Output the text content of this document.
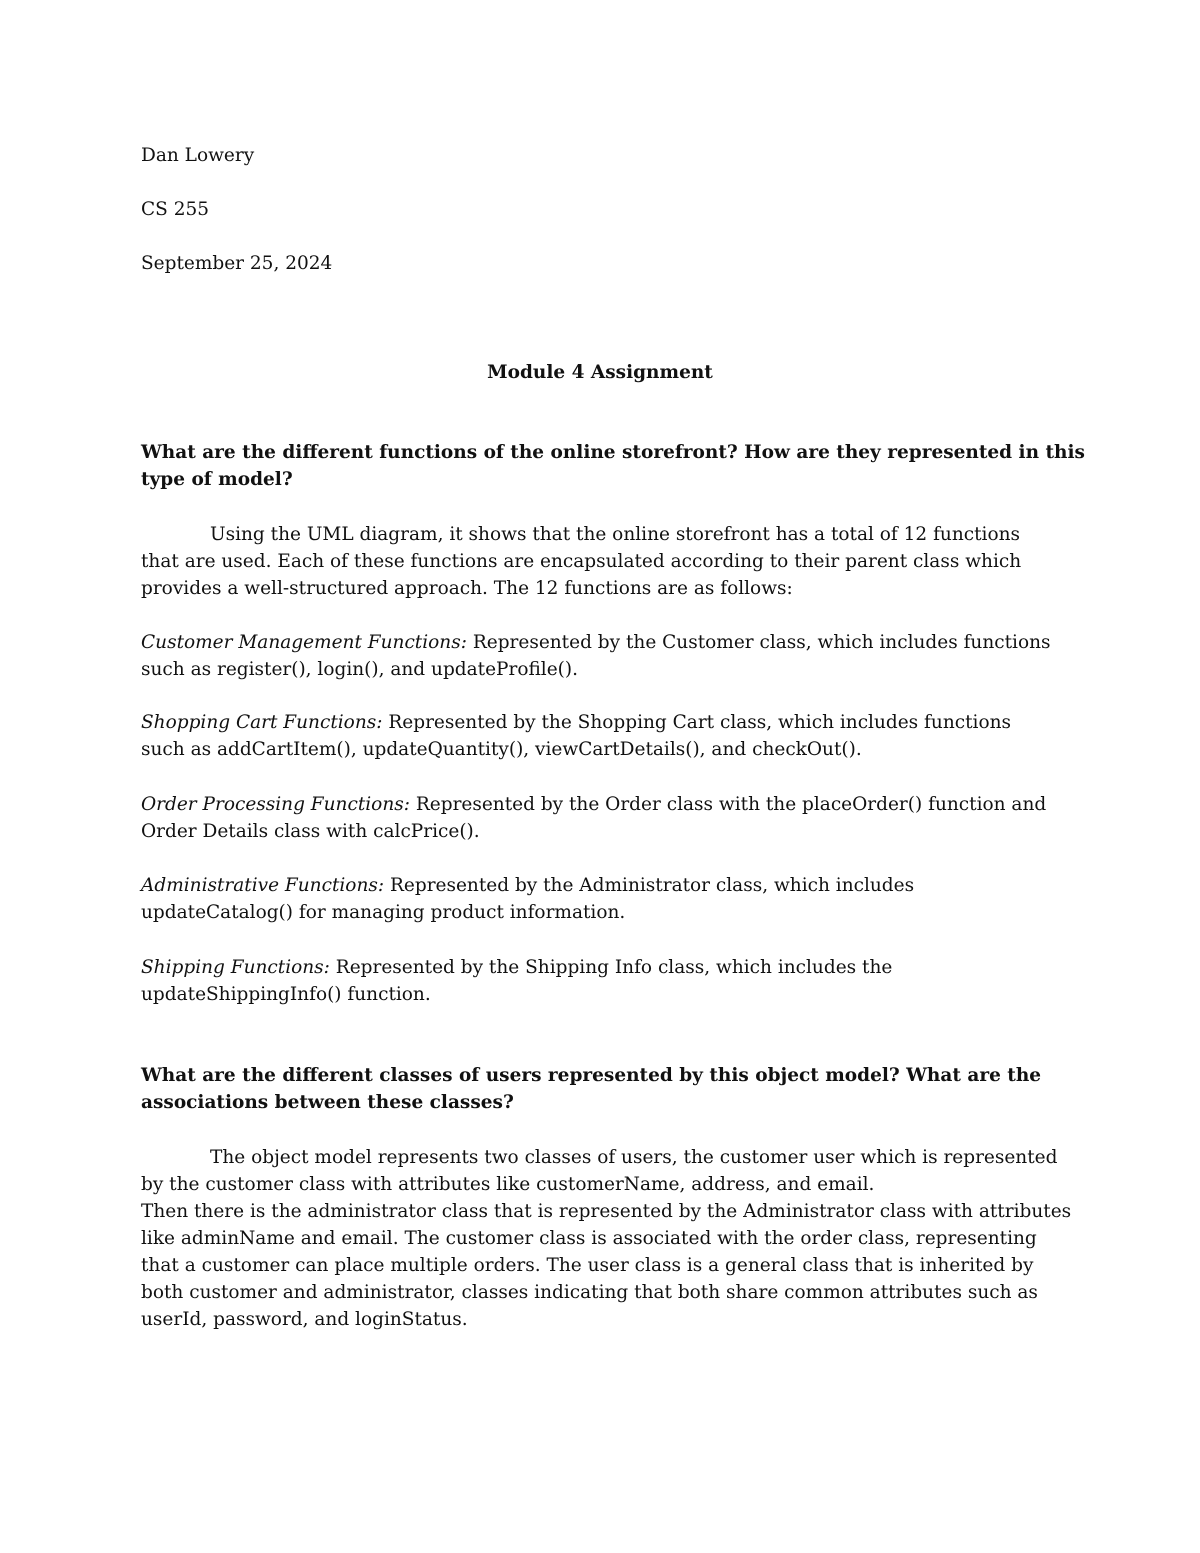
Dan Lowery

CS 255

September 25, 2024

Module 4 Assignment

What are the different functions of the online storefront? How are they represented in this
type of model?
Using the UML diagram, it shows that the online storefront has a total of 12 functions
that are used. Each of these functions are encapsulated according to their parent class which
provides a well-structured approach. The 12 functions are as follows:
Customer Management Functions: Represented by the Customer class, which includes functions
such as register(), login(), and updateProfile().
Shopping Cart Functions: Represented by the Shopping Cart class, which includes functions
such as addCartItem(), updateQuantity(), viewCartDetails(), and checkOut().
Order Processing Functions: Represented by the Order class with the placeOrder() function and
Order Details class with calcPrice().
Administrative Functions: Represented by the Administrator class, which includes
updateCatalog() for managing product information.
Shipping Functions: Represented by the Shipping Info class, which includes the
updateShippingInfo() function.
What are the different classes of users represented by this object model? What are the
associations between these classes?
The object model represents two classes of users, the customer user which is represented
by the customer class with attributes like customerName, address, and email.
Then there is the administrator class that is represented by the Administrator class with attributes
like adminName and email. The customer class is associated with the order class, representing
that a customer can place multiple orders. The user class is a general class that is inherited by
both customer and administrator, classes indicating that both share common attributes such as
userId, password, and loginStatus.
